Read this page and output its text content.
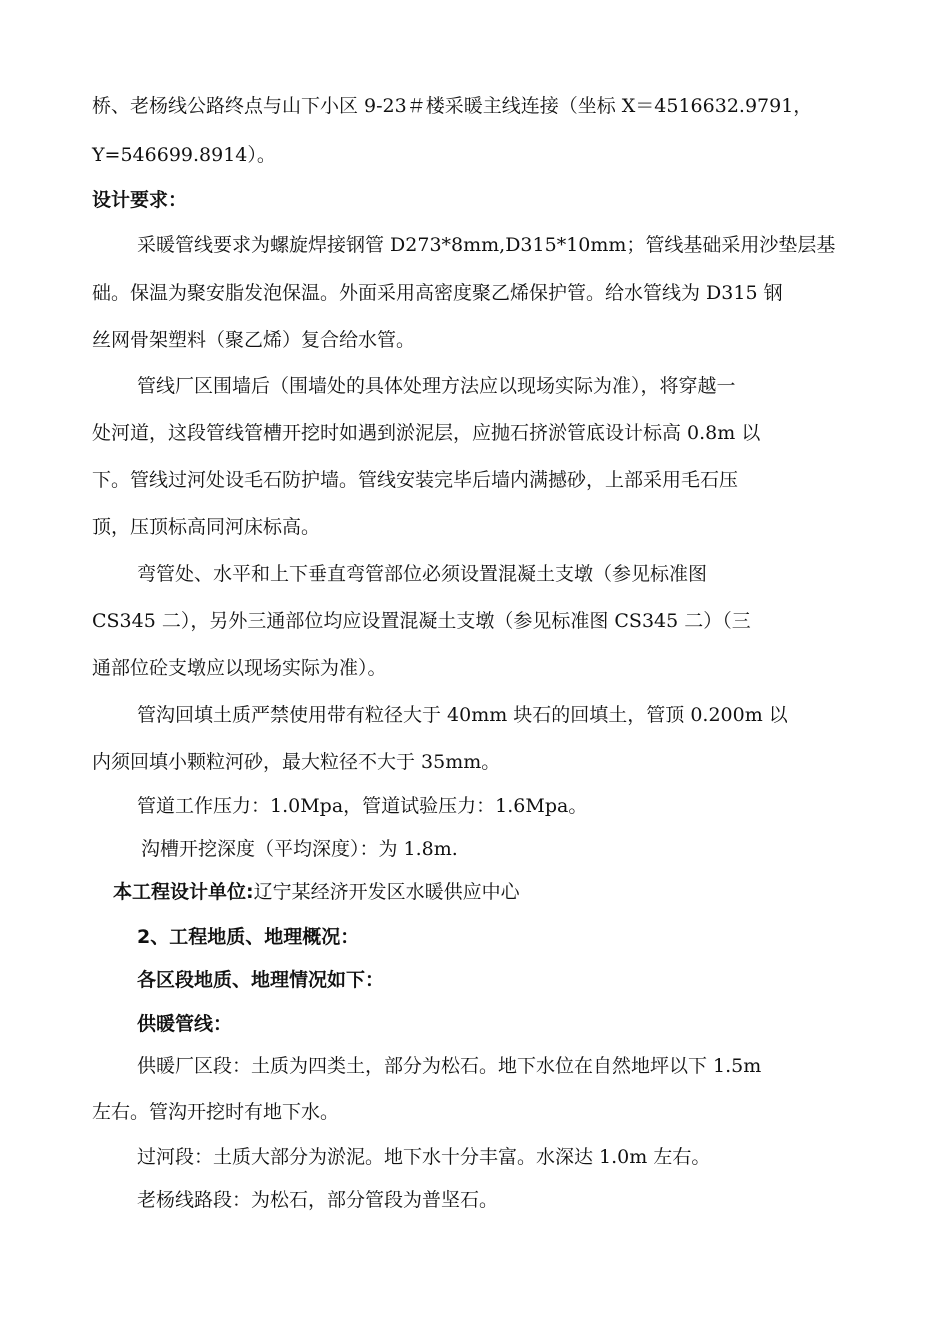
桥、老杨线公路终点与山下小区 9-23＃楼采暖主线连接（坐标 X＝4516632.9791，
Y=546699.8914）。
设计要求：
采暖管线要求为螺旋焊接钢管 D273*8mm,D315*10mm；管线基础采用沙垫层基
础。保温为聚安脂发泡保温。外面采用高密度聚乙烯保护管。给水管线为 D315 钢
丝网骨架塑料（聚乙烯）复合给水管。
管线厂区围墙后（围墙处的具体处理方法应以现场实际为准），将穿越一
处河道，这段管线管槽开挖时如遇到淤泥层，应抛石挤淤管底设计标高 0.8m 以
下。管线过河处设毛石防护墙。管线安装完毕后墙内满撼砂，上部采用毛石压
顶，压顶标高同河床标高。
弯管处、水平和上下垂直弯管部位必须设置混凝土支墩（参见标准图
CS345 二），另外三通部位均应设置混凝土支墩（参见标准图 CS345 二）（三
通部位砼支墩应以现场实际为准）。
管沟回填土质严禁使用带有粒径大于 40mm 块石的回填土，管顶 0.200m 以
内须回填小颗粒河砂，最大粒径不大于 35mm。
管道工作压力：1.0Mpa，管道试验压力：1.6Mpa。
沟槽开挖深度（平均深度）：为 1.8m.
本工程设计单位:辽宁某经济开发区水暖供应中心
2、工程地质、地理概况：
各区段地质、地理情况如下：
供暖管线：
供暖厂区段：土质为四类土，部分为松石。地下水位在自然地坪以下 1.5m
左右。管沟开挖时有地下水。
过河段：土质大部分为淤泥。地下水十分丰富。水深达 1.0m 左右。
老杨线路段：为松石，部分管段为普坚石。
